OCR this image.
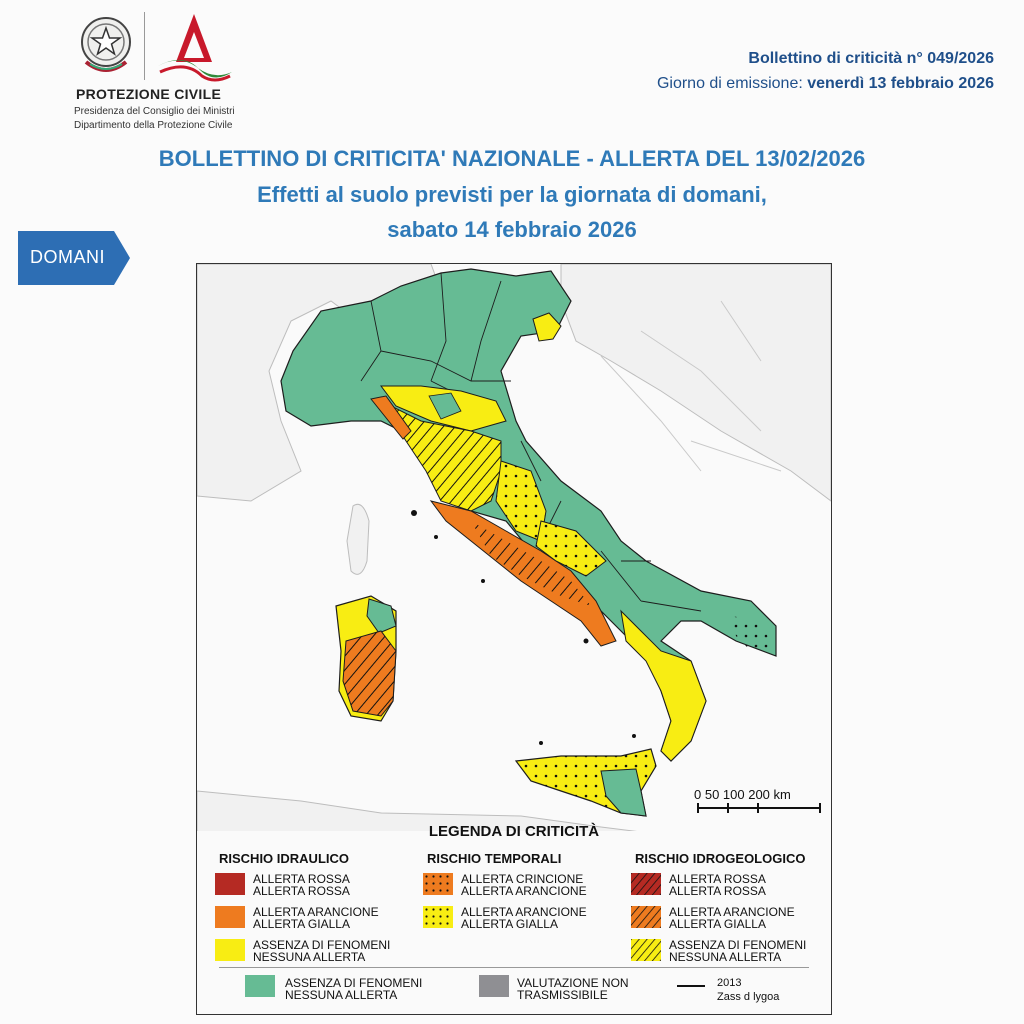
PROTEZIONE CIVILE
Presidenza del Consiglio dei Ministri
Dipartimento della Protezione Civile
Bollettino di criticità n° 049/2026
Giorno di emissione: venerdì 13 febbraio 2026
BOLLETTINO DI CRITICITA' NAZIONALE - ALLERTA DEL 13/02/2026
Effetti al suolo previsti per la giornata di domani,
sabato 14 febbraio 2026
DOMANI
0 50 100 200 km
LEGENDA DI CRITICITÀ
RISCHIO IDRAULICO
ALLERTA ROSSA
ALLERTA ROSSA
ALLERTA ARANCIONE
ALLERTA GIALLA
ASSENZA DI FENOMENI
NESSUNA ALLERTA
RISCHIO TEMPORALI
ALLERTA CRINCIONE
ALLERTA ARANCIONE
ALLERTA ARANCIONE
ALLERTA GIALLA
RISCHIO IDROGEOLOGICO
ALLERTA ROSSA
ALLERTA ROSSA
ALLERTA ARANCIONE
ALLERTA GIALLA
ASSENZA DI FENOMENI
NESSUNA ALLERTA
ASSENZA DI FENOMENI
NESSUNA ALLERTA
VALUTAZIONE NON
TRASMISSIBILE
2013
Zass d lygoa
